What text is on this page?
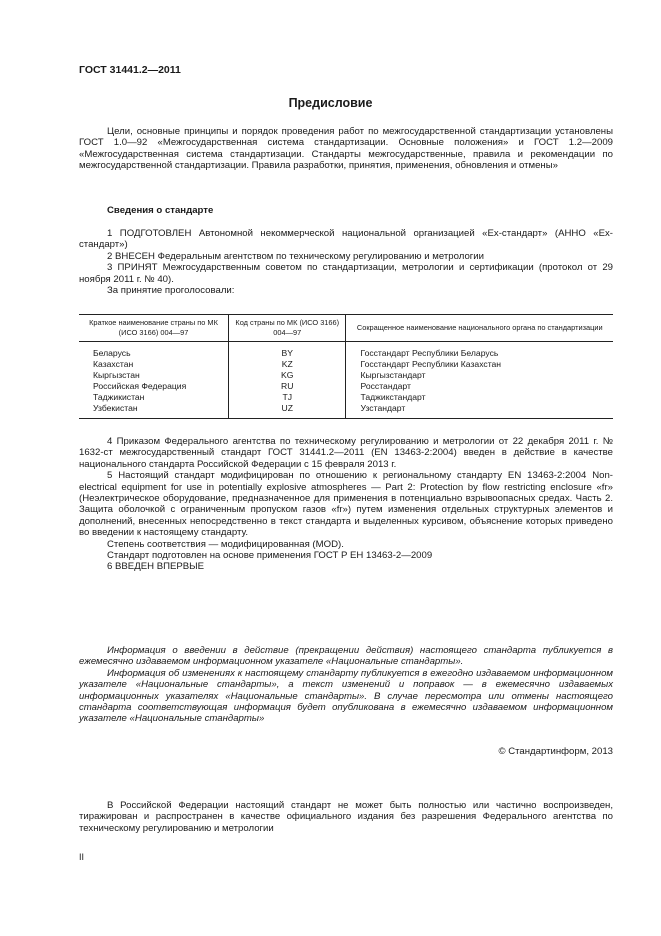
ГОСТ 31441.2—2011
Предисловие

Цели, основные принципы и порядок проведения работ по межгосударственной стандартизации установлены ГОСТ 1.0—92 «Межгосударственная система стандартизации. Основные положения» и ГОСТ 1.2—2009 «Межгосударственная система стандартизации. Стандарты межгосударственные, правила и рекомендации по межгосударственной стандартизации. Правила разработки, принятия, применения, обновления и отмены»

Сведения о стандарте

1 ПОДГОТОВЛЕН Автономной некоммерческой национальной организацией «Ех-стандарт» (АННО «Ех-стандарт»)

2 ВНЕСЕН Федеральным агентством по техническому регулированию и метрологии

3 ПРИНЯТ Межгосударственным советом по стандартизации, метрологии и сертификации (протокол от 29 ноября 2011 г. № 40).

За принятие проголосовали:

Краткое наименование страны по МК (ИСО 3166) 004—97	Код страны по МК (ИСО 3166) 004—97	Сокращенное наименование национального органа по стандартизации
Беларусь	BY	Госстандарт Республики Беларусь
Казахстан	KZ	Госстандарт Республики Казахстан
Кыргызстан	KG	Кыргызстандарт
Российская Федерация	RU	Росстандарт
Таджикистан	TJ	Таджикстандарт
Узбекистан	UZ	Узстандарт

4 Приказом Федерального агентства по техническому регулированию и метрологии от 22 декабря 2011 г. № 1632-ст межгосударственный стандарт ГОСТ 31441.2—2011 (EN 13463-2:2004) введен в действие в качестве национального стандарта Российской Федерации с 15 февраля 2013 г.

5 Настоящий стандарт модифицирован по отношению к региональному стандарту EN 13463-2:2004 Non-electrical equipment for use in potentially explosive atmospheres — Part 2: Protection by flow restricting enclosure «fr» (Неэлектрическое оборудование, предназначенное для применения в потенциально взрывоопасных средах. Часть 2. Защита оболочкой с ограниченным пропуском газов «fr») путем изменения отдельных структурных элементов и дополнений, внесенных непосредственно в текст стандарта и выделенных курсивом, объяснение которых приведено во введении к настоящему стандарту.

Степень соответствия — модифицированная (MOD).

Стандарт подготовлен на основе применения ГОСТ Р ЕН 13463-2—2009

6 ВВЕДЕН ВПЕРВЫЕ

Информация о введении в действие (прекращении действия) настоящего стандарта публикуется в ежемесячно издаваемом информационном указателе «Национальные стандарты».

Информация об изменениях к настоящему стандарту публикуется в ежегодно издаваемом информационном указателе «Национальные стандарты», а текст изменений и поправок — в ежемесячно издаваемых информационных указателях «Национальные стандарты». В случае пересмотра или отмены настоящего стандарта соответствующая информация будет опубликована в ежемесячно издаваемом информационном указателе «Национальные стандарты»

© Стандартинформ, 2013

В Российской Федерации настоящий стандарт не может быть полностью или частично воспроизведен, тиражирован и распространен в качестве официального издания без разрешения Федерального агентства по техническому регулированию и метрологии

II
